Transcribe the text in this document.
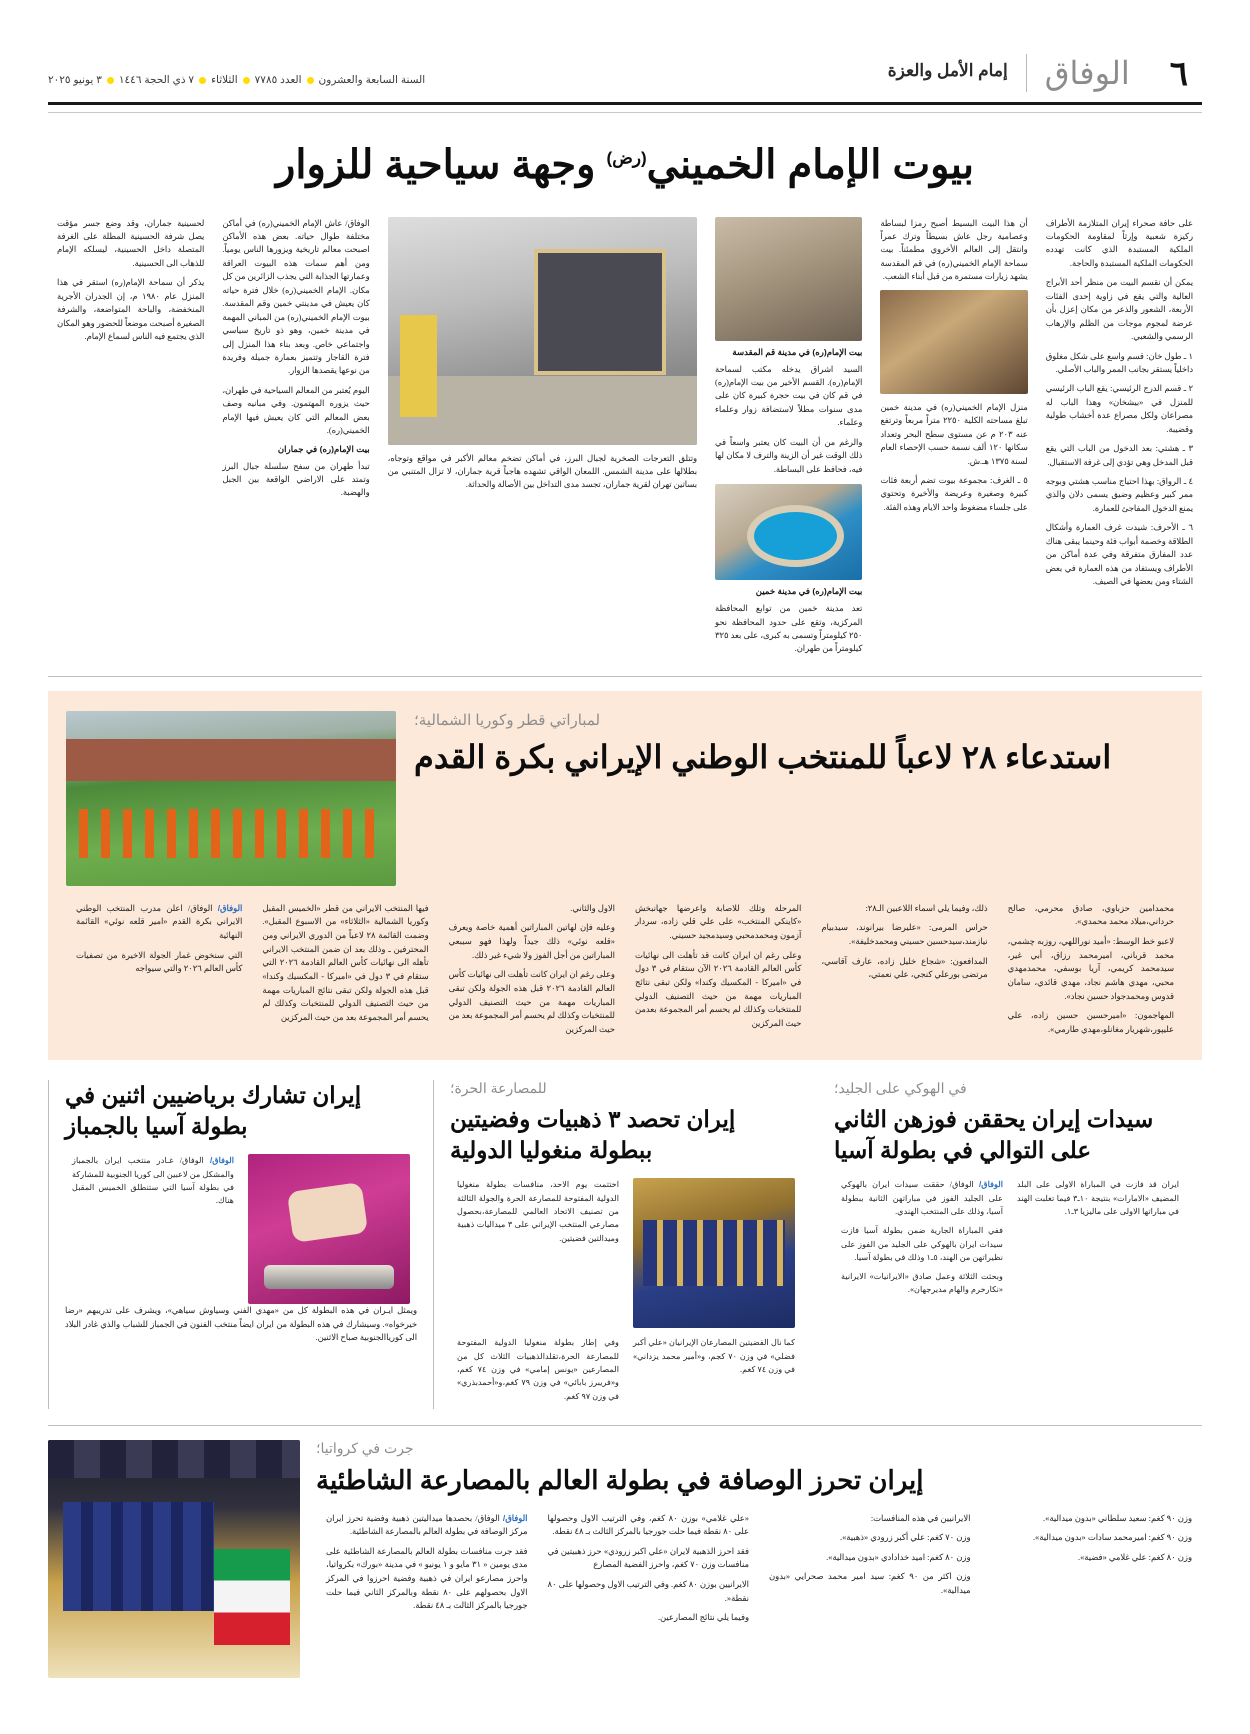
٦
الوفاق
إمام الأمل والعزة
السنة السابعة والعشرون
العدد ٧٧٨٥
الثلاثاء
٧ ذي الحجة ١٤٤٦
٣ يونيو ٢٠٢٥
بيوت الإمام الخميني$^{(رض)}$ وجهة سياحية للزوار

لحسينية جماران، وقد وضع جسر مؤقت يصل شرفة الحسينية المطلة على الغرفة المتصلة داخل الحسينية، ليسلكه الإمام للذهاب الى الحسينية.

يذكر أن سماحة الإمام(ره) استقر في هذا المنزل عام ١٩٨٠ م، إن الجدران الأجرية المنخفضة، والباحة المتواضعة، والشرفة الصغيرة أصبحت موضعاً للحضور وهو المكان الذي يجتمع فيه الناس لسماع الإمام.

الوفاق/ عاش الإمام الخميني(ره) في أماكن مختلفة طوال حياته. بعض هذه الأماكن اصبحت معالم تاريخية ويزورها الناس يومياً. ومن أهم سمات هذه البيوت العراقة وعمارتها الجذابة التي يجذب الزائرين من كل مكان. الإمام الخميني(ره) خلال فترة حياته كان يعيش في مدينتي خمين وقم المقدسة. بيوت الإمام الخميني(ره) من المباني المهمة في مدينة خمين، وهو ذو تاريخ سياسي واجتماعي خاص. وبعد بناء هذا المنزل إلى فترة القاجار وتتميز بعمارة جميلة وفريدة من نوعها يقصدها الزوار.

اليوم يُعتبر من المعالم السياحية في طهران، حيث يزوره المهتمون. وفي مبانيه وصف بعض المعالم التي كان يعيش فيها الإمام الخميني(ره).

بيت الإمام(ره) في جماران

تبدأ طهران من سفح سلسلة جبال البرز وتمتد على الاراضي الواقعة بين الجبل والهضبة.

وتتلق التعرجات الصخرية لجبال البرز، في أماكن تضخم معالم الأكبر في مواقع وتوجاه، بطلالها على مدينة الشمس. اللمعان الواقي تشهده هاجياً قرية جماران، لا تزال المتنبي من بساتين تهران لقرية جماران، تجسد مدى التداخل بين الأصالة والحداثة.

بيت الإمام(ره) في مدينة قم المقدسة

السيد اشراق يدخله مكتب لسماحة الإمام(ره). القسم الأخير من بيت الإمام(ره) في قم كان في بيت حجرة كبيرة كان على مدى سنوات مطلاً لاستضافة زوار وعلماء وعلماء.

والرغم من أن البيت كان يعتبر واسعاً في ذلك الوقت غير أن الزينة والترف لا مكان لها فيه، فحافظ على البساطة.

بيت الإمام(ره) في مدينة خمين

تعد مدينة خمين من توابع المحافظة المركزية، وتقع على حدود المحافظة نحو ٢٥٠ كيلومتراً وتسمى به كبرى، على بعد ٣٢٥ كيلومتراً من طهران.

أن هذا البيت البسيط أصبح رمزا لبساطة وعصامية رجل عاش بسيطاً وترك عمراً وانتقل إلى العالم الأخروي مطمئناً. بيت سماحة الإمام الخميني(ره) في قم المقدسة يشهد زيارات مستمرة من قبل أبناء الشعب.

منزل الإمام الخميني(ره) في مدينة خمين تبلغ مساحته الكلية ٢٢٥٠ متراً مربعاً وترتفع عنه ٢٠٣ م عن مستوى سطح البحر وتعداد سكانها ١٢٠ ألف نسمة حسب الإحصاء العام لسنة ١٣٧٥ هـ.ش.

٥ ـ الغرف: مجموعة بيوت تضم أربعة فئات كبيرة وصغيرة وعريضة والأخيرة وتحتوي على جلساء مضغوط واحد الايام وهذه الفئة.

على حافة صحراء إيران المتلازمة الأطراف ركيزة شعبية وإرثاً لمقاومة الحكومات الملكية المستبدة الذي كانت تهدده الحكومات الملكية المستبدة والحاجة.

يمكن أن نقسم البيت من منظر أحد الأبراج العالية والتي يقع في زاوية إحدى الفئات الأربعة، الشعور والذعر من مكان إعزل بأن عرضة لمجوم موجات من الظلم والإرهاب الرسمي والشعبي.

١ ـ طول خان: قسم واسع على شكل مغلوق داخلياً يستقر بجانب الممر والباب الأصلي.

٢ ـ قسم الدرج الرئيسي: يقع الباب الرئيسي للمنزل في «بيشخان» وهذا الباب له مصراعان ولكل مصراع عدة أخشاب طولية وقضيبة.

٣ ـ هشتي: بعد الدخول من الباب التي يقع قبل المدخل وهي تؤدي إلى غرفة الاستقبال.

٤ ـ الرواق: بهذا احتياج مناسب هشتي وبوجه ممر كبير وعظيم وضيق يسمى دلان والذي يمنع الدخول المفاجئ للعمارة.

٦ ـ الأحرف: شيدت غرف العمارة وأشكال الطلاقة وخصمة أبواب فئة وحينما يبقى هناك عدد المفارق متفرقة وفي عدة أماكن من الأطراف ويستفاد من هذه العمارة في بعض الشتاء ومن بعضها في الصيف.

لمباراتي قطر وكوريا الشمالية؛

استدعاء ٢٨ لاعباً للمنتخب الوطني الإيراني بكرة القدم

الوفاق/ الوفاق/ اعلن مدرب المنتخب الوطني الايراني بكرة القدم «امير قلعه نوئي» القائمة النهائية

التي سنخوض غمار الجولة الاخيرة من تصفيات كأس العالم ٢٠٢٦ والتي سيواجه

فيها المنتخب الايراني من قطر «الخميس المقبل وكوريا الشمالية «الثلاثاء» من الاسبوع المقبل». وضمت القائمة ٢٨ لاعباً من الدوري الايراني ومن المحترفين ـ وذلك بعد ان ضمن المنتخب الايراني تأهله الى نهائيات كأس العالم القادمة ٢٠٢٦ التي ستقام في ٣ دول في «اميركا - المكسيك وكندا» قبل هذه الجولة ولكن تبقى نتائج المباريات مهمة من حيث التصنيف الدولي للمنتخبات وكذلك لم يحسم أمر المجموعة بعد من حيث المركزين

الاول والثاني.

وعليه فإن لهاتين المباراتين أهمية خاصة ويعرف «قلعه نوئي» ذلك جيداً ولهذا فهو سيبعي المباراتين من أجل الفوز ولا شيء غير ذلك.

وعلى رغم ان ايران كانت تأهلت الى نهائيات كأس العالم القادمة ٢٠٢٦ قبل هذه الجولة ولكن تبقى المباريات مهمة من حيث التصنيف الدولي للمنتخبات وكذلك لم يحسم أمر المجموعة بعد من حيث المركزين

المرحلة وتلك للاصابة واعرضها جهانبخش «كاينكي المنتخب» على علي قلي زاده، سردار آزمون ومحمدمحبي وسيدمجيد حسيني.

وعلى رغم ان ايران كانت قد تأهلت الى نهائيات كأس العالم القادمة ٢٠٢٦ الآن ستقام في ٣ دول في «اميركا - المكسيك وكندا» ولكن تبقى نتائج المباريات مهمة من حيث التصنيف الدولي للمنتخبات وكذلك لم يحسم أمر المجموعة بعدمن حيث المركزين

ذلك، وفيما يلي اسماء اللاعبين الـ٢٨:

حراس المرمى: «عليرضا بيرانوند، سيدبيام نيازمند،سيدحسين حسيني ومحمدخليفة».

المدافعون: «شجاع خليل زاده، عارف آقاسي، مرتضى بورعلي كنجي، علي نعمتي،

محمدامين حزباوي، صادق محرمي، صالح حرداني،ميلاد محمد محمدي».

لاعبو خط الوسط: «أميد نوراللهي، روزبه چشمي، محمد قرباني، اميرمحمد رزاق، أبي غير، سيدمحمد كريمي، آريا بوسفي، محمدمهدي محبي، مهدي هاشم نجاد، مهدي قائدي، سامان قدوس ومحمدجواد حسين نجاد».

المهاجمون: «اميرحسين حسين زاده، علي عليپور،شهريار مغانلو،مهدي طارمي».

إيران تشارك برياضيين اثنين في بطولة آسيا بالجمباز

الوفاق/ الوفاق/ غـادر منتخب ايران بالجمباز والمشكل من لاعبين الى كوريا الجنوبية للمشاركة في بطولة آسيا التي ستنطلق الخميس المقبل هناك.

ويمثل ايـران في هذه البطولة كل من «مهدي الفني وسياوش سياهي»، ويشرف على تدريبهم «رضا خيرخواه». وسيشارك في هذه البطولة من ايران ايضاً منتخب الفنون في الجمباز للشباب والذي غادر البلاد الى كورياالجنوبية صباح الاثنين.

للمصارعة الحرة؛

إيران تحصد ٣ ذهبيات وفضيتين ببطولة منغوليا الدولية

اختتمت يوم الاحد، منافسات بطولة منغوليا الدولية المفتوحة للمصارعة الحرة والجولة الثالثة من تصنيف الاتحاد العالمي للمصارعة،بحصول مصارعي المنتخب الإيراني على ٣ ميداليات ذهبية وميدالتين فضيتين.

وفي إطار بطولة منغوليا الدولية المفتوحة للمصارعة الحرة،تقلدالذهبيات الثلاث كل من المصارعين «يونس إمامي» في وزن ٧٤ كغم، و«فريبرز بابائي» في وزن ٧٩ كغم،و«أحمدبذري» في وزن ٩٧ كغم.

كما نال الفضيتين المصارعان الإيرانيان «علي أكبر فضلي» في وزن ٧٠ كجم، و«أمير محمد يزداني» في وزن ٧٤ كغم.

في الهوكي على الجليد؛

سيدات إيران يحققن فوزهن الثاني على التوالي في بطولة آسيا

الوفاق/ الوفاق/ حققت سيدات ايران بالهوكي على الجليد الفوز في مباراتهن الثانية ببطولة آسيا، وذلك على المنتخب الهندي.

ففي المباراة الجارية ضمن بطولة آسيا فازت سيدات ايران بالهوكي على الجليد من الفوز على نظيراتهن من الهند، ٥ـ١ وذلك في بطولة آسيا.

وبحثت الثلاثة وعمل صادق «الايرانيات» الايرانية «نكارخرم والهام مديرجهان».

ايران قد فازت في المباراة الاولى على البلد المضيف «الامارات» بنتيجة ١٠ـ٣ فيما تغلبت الهند في مباراتها الاولى على ماليزيا ٣ـ١.

جرت في كرواتيا؛

إيران تحرز الوصافة في بطولة العالم بالمصارعة الشاطئية

الوفاق/ الوفاق/ بحصدها ميداليتين ذهبية وفضية تحرز ايران مركز الوصافة في بطولة العالم بالمصارعة الشاطئية.

فقد جرت منافسات بطولة العالم بالمصارعة الشاطئية على مدى يومين « ٣١ مايو و ١ يونيو » في مدينة «بورك» بكرواتيا، واحرز مصارعو ايران في ذهبية وفضية احرزوا في المركز الاول بحصولهم على ٨٠ نقطة وبالمركز الثاني فيما حلت جورجيا بالمركز الثالث بـ ٤٨ نقطة.

«علي غلامي» بوزن ٨٠ كغم، وفي الترتيب الاول وحصولها على ٨٠ نقطة فيما حلت جورجيا بالمركز الثالث بـ ٤٨ نقطة.

فقد احرز الذهبية لايران «علي اكبر زرودي» حرز ذهبيتين في منافسات وزن ٧٠ كغم، واحرز الفضية المصارع

الايرانيين بوزن ٨٠ كغم. وفي الترتيب الاول وحصولها على ٨٠ نقطة«.

وفيما يلي نتائج المصارعين.

الايرانيين في هذه المنافسات:

وزن ٧٠ كغم: علي أكبر زرودي «ذهبية».

وزن ٨٠ كغم: امید خدادادي «بدون ميدالية».

وزن اكثر من ٩٠ كغم: سيد امير محمد صحرايي «بدون ميدالية».

وزن ٩٠ كغم: سعيد سلطاني «بدون ميدالية».

وزن ٩٠ كغم: اميرمحمد سادات «بدون ميدالية».

وزن ٨٠ كغم: علي غلامي «فضية».
